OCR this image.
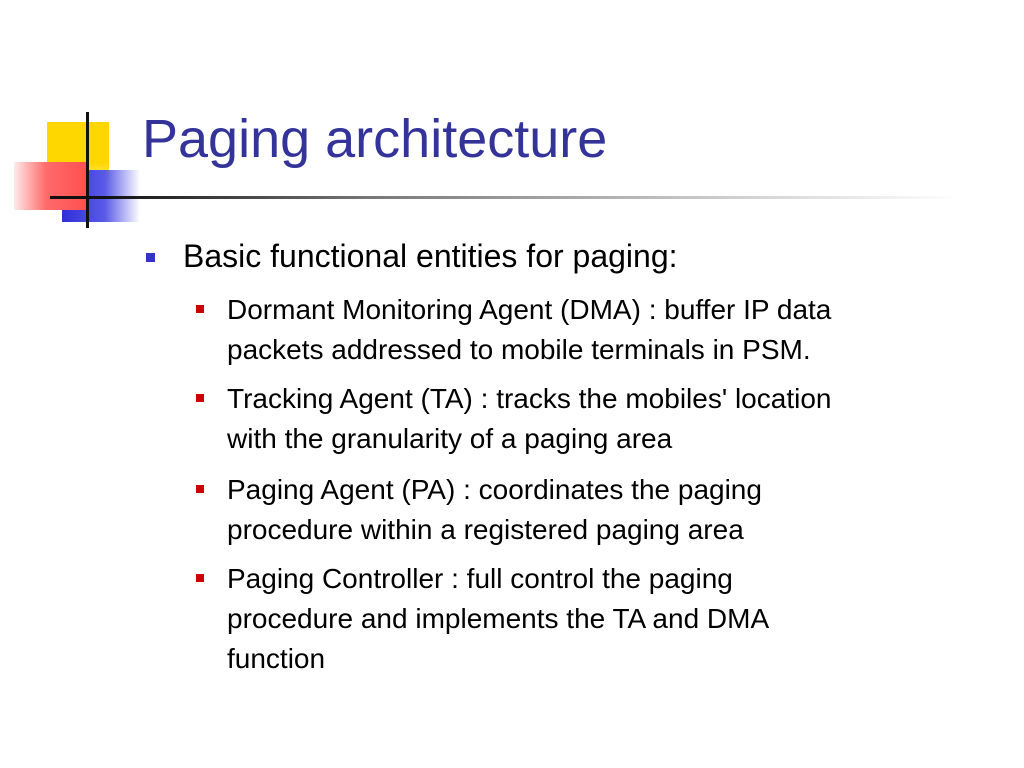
Paging architecture
Basic functional entities for paging:
Dormant Monitoring Agent (DMA) : buffer IP data
packets addressed to mobile terminals in PSM.
Tracking Agent (TA) : tracks the mobiles' location
with the granularity of a paging area
Paging Agent (PA) : coordinates the paging
procedure within a registered paging area
Paging Controller : full control the paging
procedure and implements the TA and DMA
function
